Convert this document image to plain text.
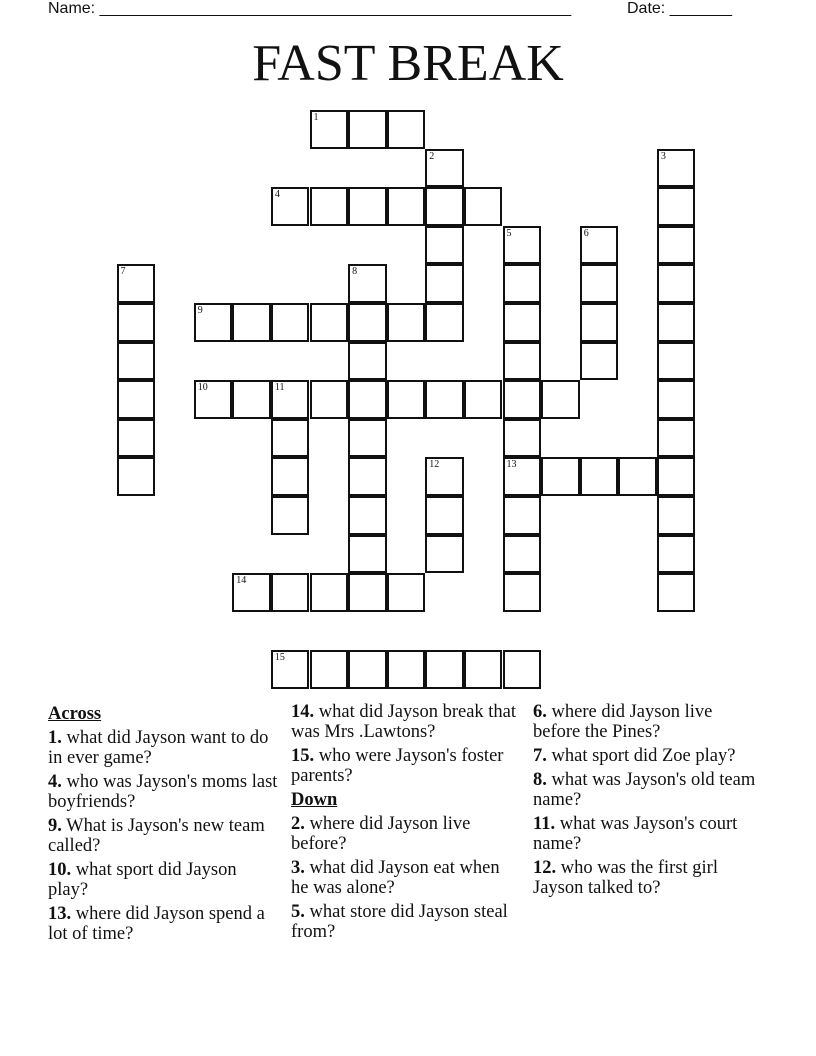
Name: _____________________________________________________	Date: _______
FAST BREAK
1
2	3
4
5	6
7	8
9
10	11
12	13
14
15
Across
1. what did Jayson want to do in ever game?
4. who was Jayson's moms last boyfriends?
9. What is Jayson's new team called?
10. what sport did Jayson play?
13. where did Jayson spend a lot of time?
14. what did Jayson break that was Mrs .Lawtons?
15. who were Jayson's foster parents?
Down
2. where did Jayson live before?
3. what did Jayson eat when he was alone?
5. what store did Jayson steal from?
6. where did Jayson live before the Pines?
7. what sport did Zoe play?
8. what was Jayson's old team name?
11. what was Jayson's court name?
12. who was the first girl Jayson talked to?
